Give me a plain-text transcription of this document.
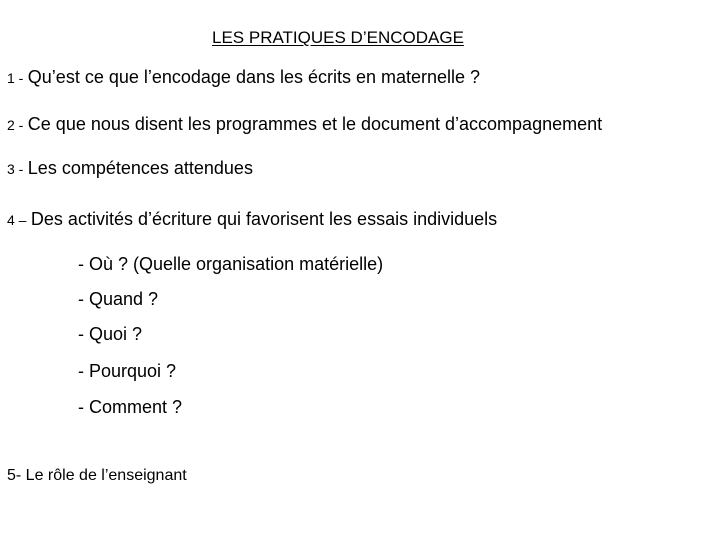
LES PRATIQUES D’ENCODAGE
1 - Qu’est ce que l’encodage dans les écrits en maternelle ?
2 - Ce que nous disent les programmes et le document d’accompagnement
3 - Les compétences attendues
4 – Des activités d’écriture qui favorisent les essais individuels
- Où ? (Quelle organisation matérielle)
- Quand ?
- Quoi ?
- Pourquoi ?
- Comment ?
5- Le rôle de l’enseignant
